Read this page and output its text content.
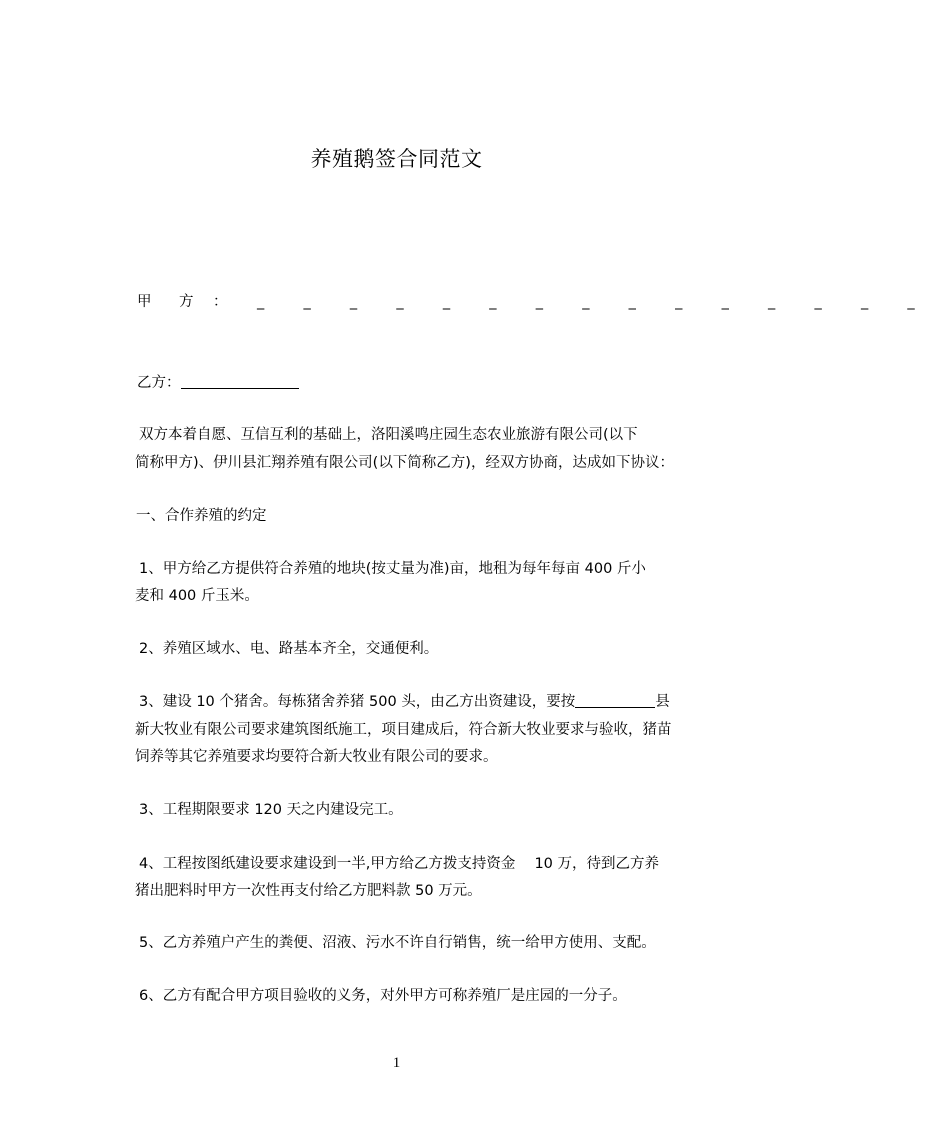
养殖鹅签合同范文
甲 方 ： _ _ _ _ _ _ _ _ _ _ _ _ _ _ _
乙方：
双方本着自愿、互信互利的基础上，洛阳溪鸣庄园生态农业旅游有限公司(以下
简称甲方)、伊川县汇翔养殖有限公司(以下简称乙方)，经双方协商，达成如下协议：
一、合作养殖的约定
1、甲方给乙方提供符合养殖的地块(按丈量为准)亩，地租为每年每亩 400 斤小
麦和 400 斤玉米。
2、养殖区域水、电、路基本齐全，交通便利。
3、建设 10 个猪舍。每栋猪舍养猪 500 头，由乙方出资建设，要按	县
新大牧业有限公司要求建筑图纸施工，项目建成后，符合新大牧业要求与验收，猪苗
饲养等其它养殖要求均要符合新大牧业有限公司的要求。
3、工程期限要求 120 天之内建设完工。
4、工程按图纸建设要求建设到一半,甲方给乙方拨支持资金　 10 万，待到乙方养
猪出肥料时甲方一次性再支付给乙方肥料款 50 万元。
5、乙方养殖户产生的粪便、沼液、污水不许自行销售，统一给甲方使用、支配。
6、乙方有配合甲方项目验收的义务，对外甲方可称养殖厂是庄园的一分子。
1
